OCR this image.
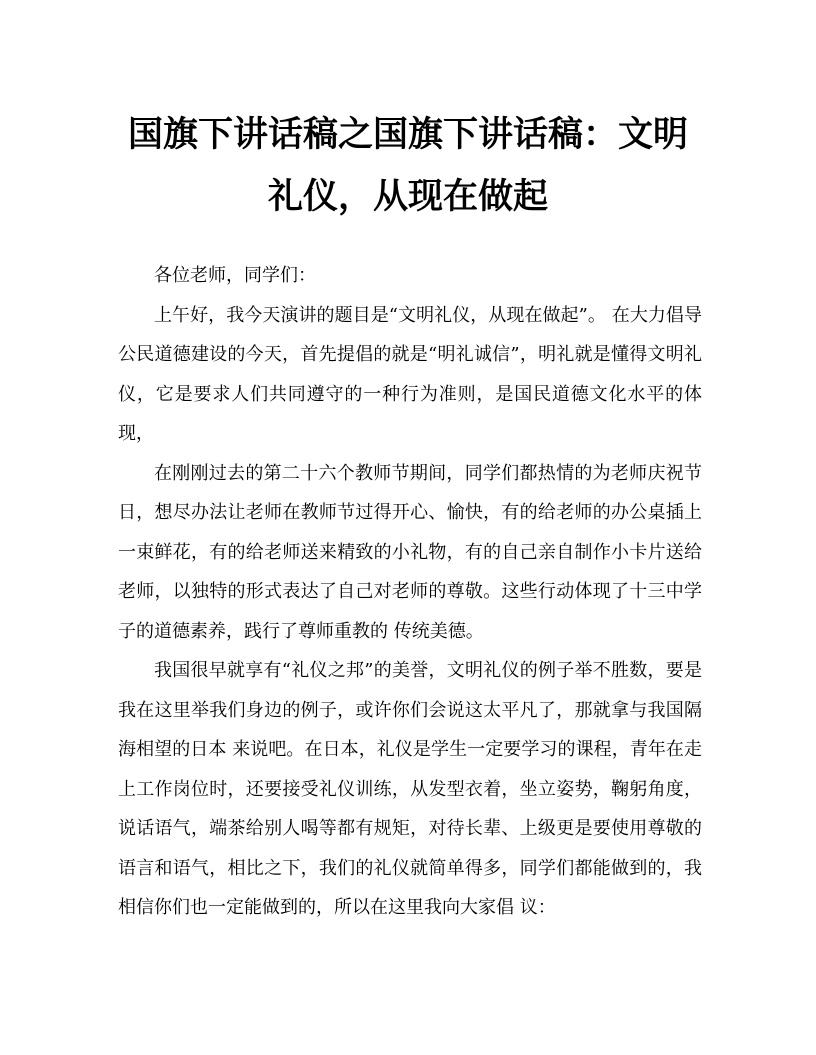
国旗下讲话稿之国旗下讲话稿：文明礼仪，从现在做起

各位老师，同学们：

上午好，我今天演讲的题目是“文明礼仪，从现在做起”。 在大力倡导公民道德建设的今天，首先提倡的就是“明礼诚信”，明礼就是懂得文明礼仪，它是要求人们共同遵守的一种行为准则，是国民道德文化水平的体现，

在刚刚过去的第二十六个教师节期间，同学们都热情的为老师庆祝节日，想尽办法让老师在教师节过得开心、愉快，有的给老师的办公桌插上一束鲜花，有的给老师送来精致的小礼物，有的自己亲自制作小卡片送给老师，以独特的形式表达了自己对老师的尊敬。这些行动体现了十三中学子的道德素养，践行了尊师重教的 传统美德。

我国很早就享有“礼仪之邦”的美誉，文明礼仪的例子举不胜数，要是我在这里举我们身边的例子，或许你们会说这太平凡了，那就拿与我国隔海相望的日本 来说吧。在日本，礼仪是学生一定要学习的课程，青年在走上工作岗位时，还要接受礼仪训练，从发型衣着，坐立姿势，鞠躬角度，说话语气，端茶给别人喝等都有规矩，对待长辈、上级更是要使用尊敬的语言和语气，相比之下，我们的礼仪就简单得多，同学们都能做到的，我相信你们也一定能做到的，所以在这里我向大家倡 议：
